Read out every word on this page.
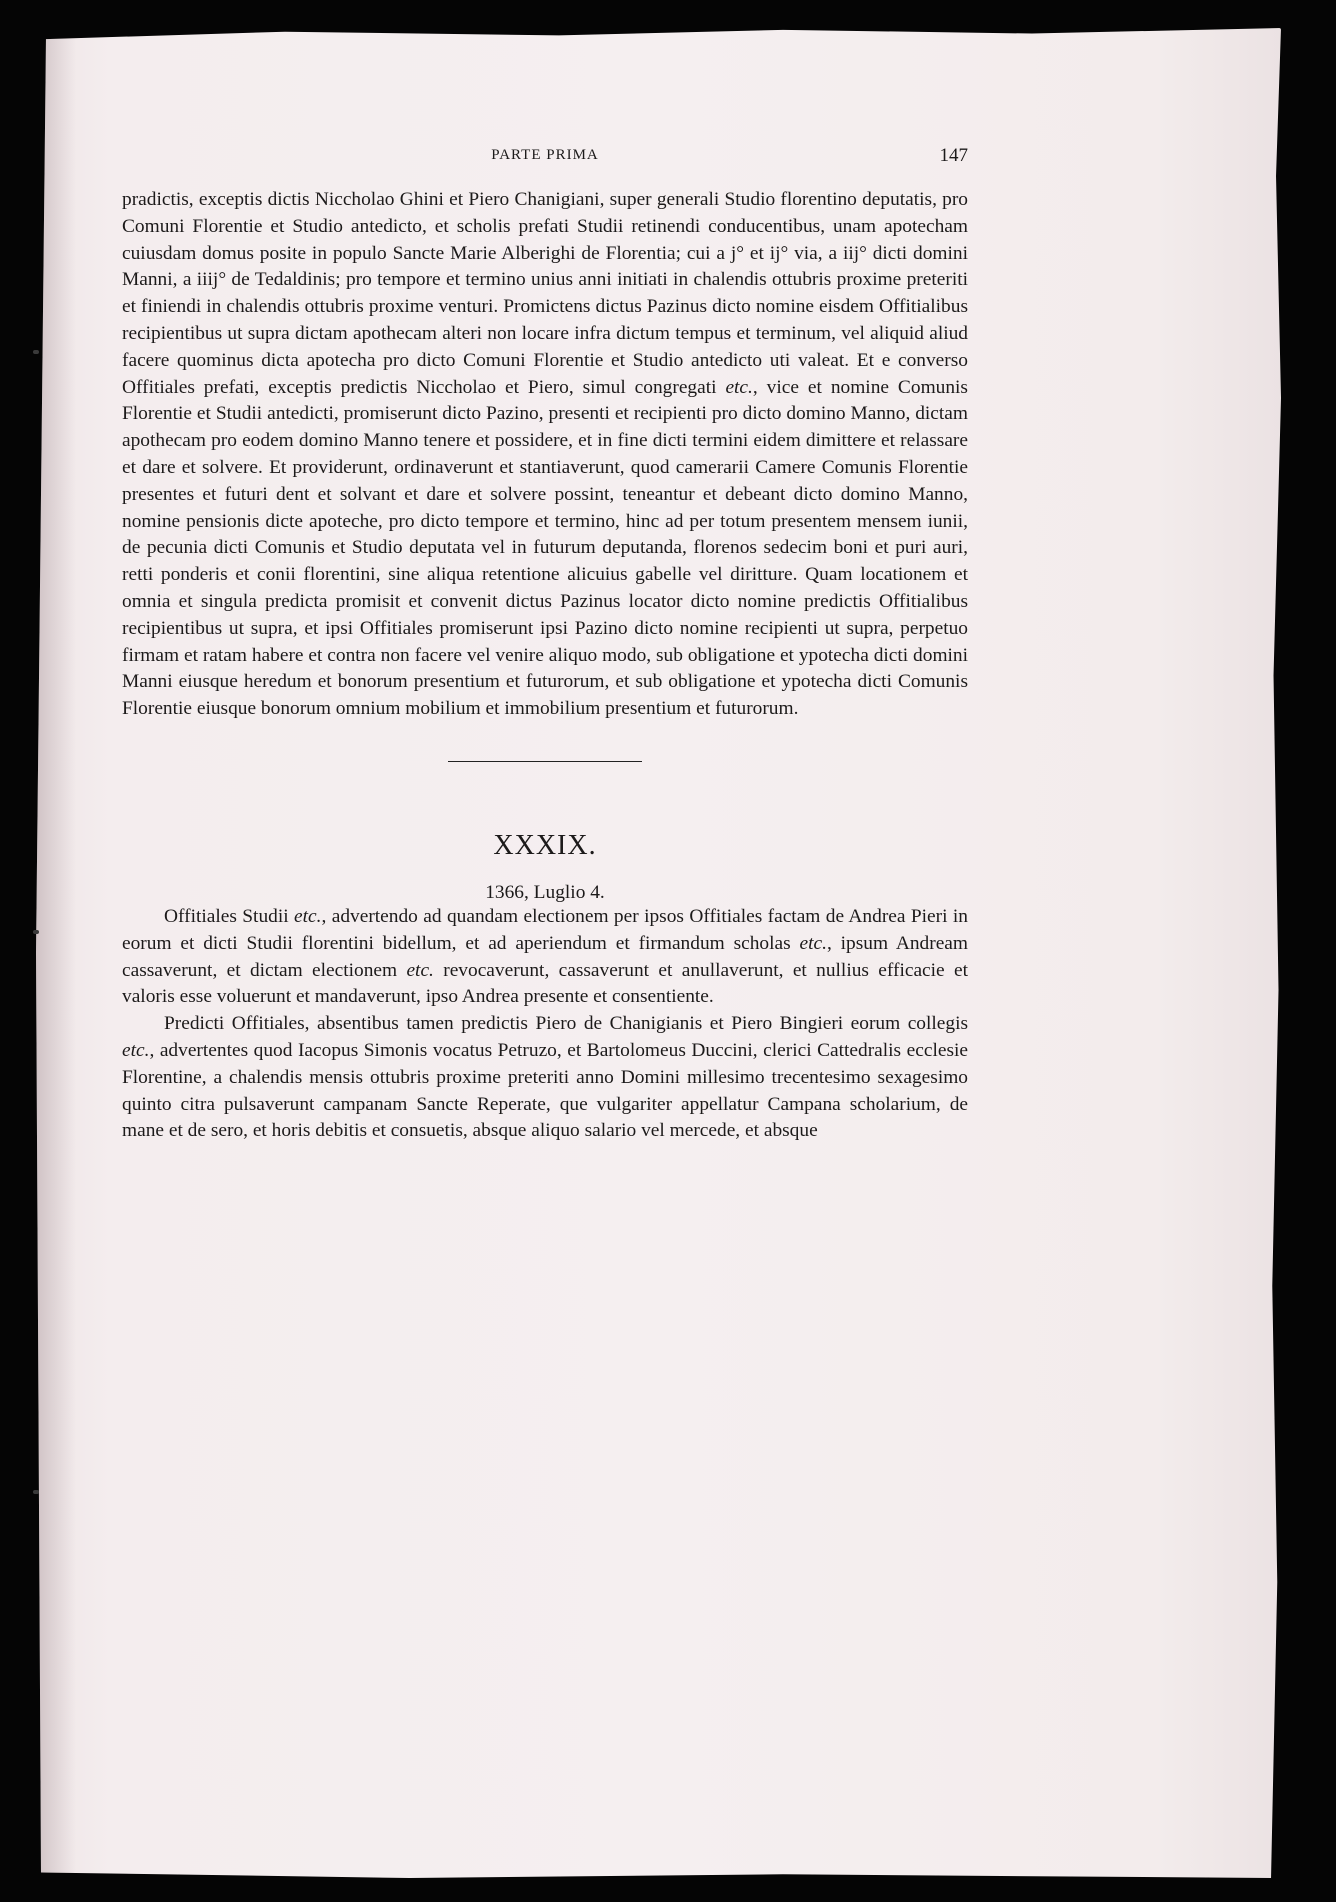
PARTE PRIMA	147

pradictis, exceptis dictis Niccholao Ghini et Piero Chanigiani, super generali Studio florentino deputatis, pro Comuni Florentie et Studio antedicto, et scholis prefati Studii retinendi conducentibus, unam apotecham cuiusdam domus posite in populo Sancte Marie Alberighi de Florentia; cui a j° et ij° via, a iij° dicti domini Manni, a iiij° de Tedaldinis; pro tempore et termino unius anni initiati in chalendis ottubris proxime preteriti et finiendi in chalendis ottubris proxime venturi. Promictens dictus Pazinus dicto nomine eisdem Offitialibus recipientibus ut supra dictam apothecam alteri non locare infra dictum tempus et terminum, vel aliquid aliud facere quominus dicta apotecha pro dicto Comuni Florentie et Studio antedicto uti valeat. Et e converso Offitiales prefati, exceptis predictis Niccholao et Piero, simul congregati etc., vice et nomine Comunis Florentie et Studii antedicti, promiserunt dicto Pazino, presenti et recipienti pro dicto domino Manno, dictam apothecam pro eodem domino Manno tenere et possidere, et in fine dicti termini eidem dimittere et relassare et dare et solvere. Et providerunt, ordinaverunt et stantiaverunt, quod camerarii Camere Comunis Florentie presentes et futuri dent et solvant et dare et solvere possint, teneantur et debeant dicto domino Manno, nomine pensionis dicte apoteche, pro dicto tempore et termino, hinc ad per totum presentem mensem iunii, de pecunia dicti Comunis et Studio deputata vel in futurum deputanda, florenos sedecim boni et puri auri, retti ponderis et conii florentini, sine aliqua retentione alicuius gabelle vel diritture. Quam locationem et omnia et singula predicta promisit et convenit dictus Pazinus locator dicto nomine predictis Offitialibus recipientibus ut supra, et ipsi Offitiales promiserunt ipsi Pazino dicto nomine recipienti ut supra, perpetuo firmam et ratam habere et contra non facere vel venire aliquo modo, sub obligatione et ypotecha dicti domini Manni eiusque heredum et bonorum presentium et futurorum, et sub obligatione et ypotecha dicti Comunis Florentie eiusque bonorum omnium mobilium et immobilium presentium et futurorum.

XXXIX.
1366, Luglio 4.

Offitiales Studii etc., advertendo ad quandam electionem per ipsos Offitiales factam de Andrea Pieri in eorum et dicti Studii florentini bidellum, et ad aperiendum et firmandum scholas etc., ipsum Andream cassaverunt, et dictam electionem etc. revocaverunt, cassaverunt et anullaverunt, et nullius efficacie et valoris esse voluerunt et mandaverunt, ipso Andrea presente et consentiente.

Predicti Offitiales, absentibus tamen predictis Piero de Chanigianis et Piero Bingieri eorum collegis etc., advertentes quod Iacopus Simonis vocatus Petruzo, et Bartolomeus Duccini, clerici Cattedralis ecclesie Florentine, a chalendis mensis ottubris proxime preteriti anno Domini millesimo trecentesimo sexagesimo quinto citra pulsaverunt campanam Sancte Reperate, que vulgariter appellatur Campana scholarium, de mane et de sero, et horis debitis et consuetis, absque aliquo salario vel mercede, et absque
